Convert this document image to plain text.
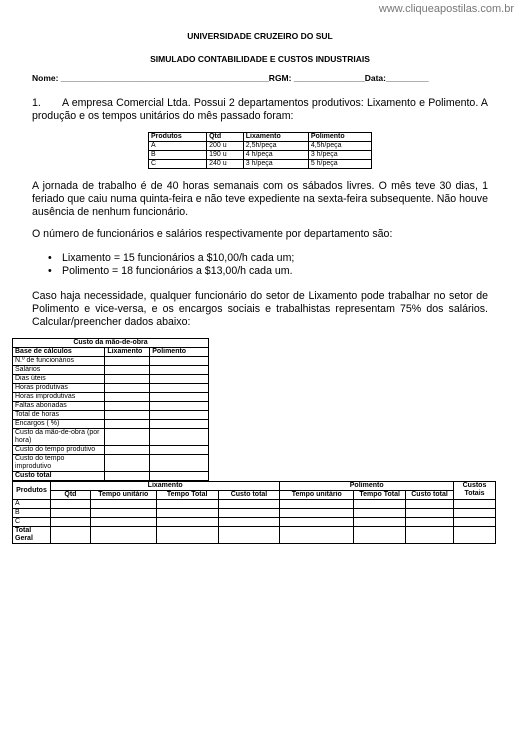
www.cliqueapostilas.com.br
UNIVERSIDADE CRUZEIRO DO SUL
SIMULADO CONTABILIDADE E CUSTOS INDUSTRIAIS
Nome: ____________________________________________RGM: _______________Data:_________
1. A empresa Comercial Ltda. Possui 2 departamentos produtivos: Lixamento e Polimento. A produção e os tempos unitários do mês passado foram:
Produtos	Qtd	Lixamento	Polimento
A	200 u	2,5h/peça	4,5h/peça
B	190 u	4 h/peça	3 h/peça
C	240 u	3 h/peça	5 h/peça
A jornada de trabalho é de 40 horas semanais com os sábados livres. O mês teve 30 dias, 1 feriado que caiu numa quinta-feira e não teve expediente na sexta-feira subsequente. Não houve ausência de nenhum funcionário.
O número de funcionários e salários respectivamente por departamento são:
• Lixamento = 15 funcionários a $10,00/h cada um;
• Polimento = 18 funcionários a $13,00/h cada um.
Caso haja necessidade, qualquer funcionário do setor de Lixamento pode trabalhar no setor de Polimento e vice-versa, e os encargos sociais e trabalhistas representam 75% dos salários. Calcular/preencher dados abaixo:
Custo da mão-de-obra		
Base de cálculos	Lixamento	Polimento
N.º de funcionários		
Salários		
Dias úteis		
Horas produtivas		
Horas improdutivas		
Faltas abonadas		
Total de horas		
Encargos ( %)		
Custo da mão-de-obra (por hora)		
Custo do tempo produtivo		
Custo do tempo improdutivo		
Custo total		
Produtos	Lixamento				Polimento			Custos Totais
	Qtd	Tempo unitário	Tempo Total	Custo total	Tempo unitário	Tempo Total	Custo total	
A								
B								
C								
Total Geral								
